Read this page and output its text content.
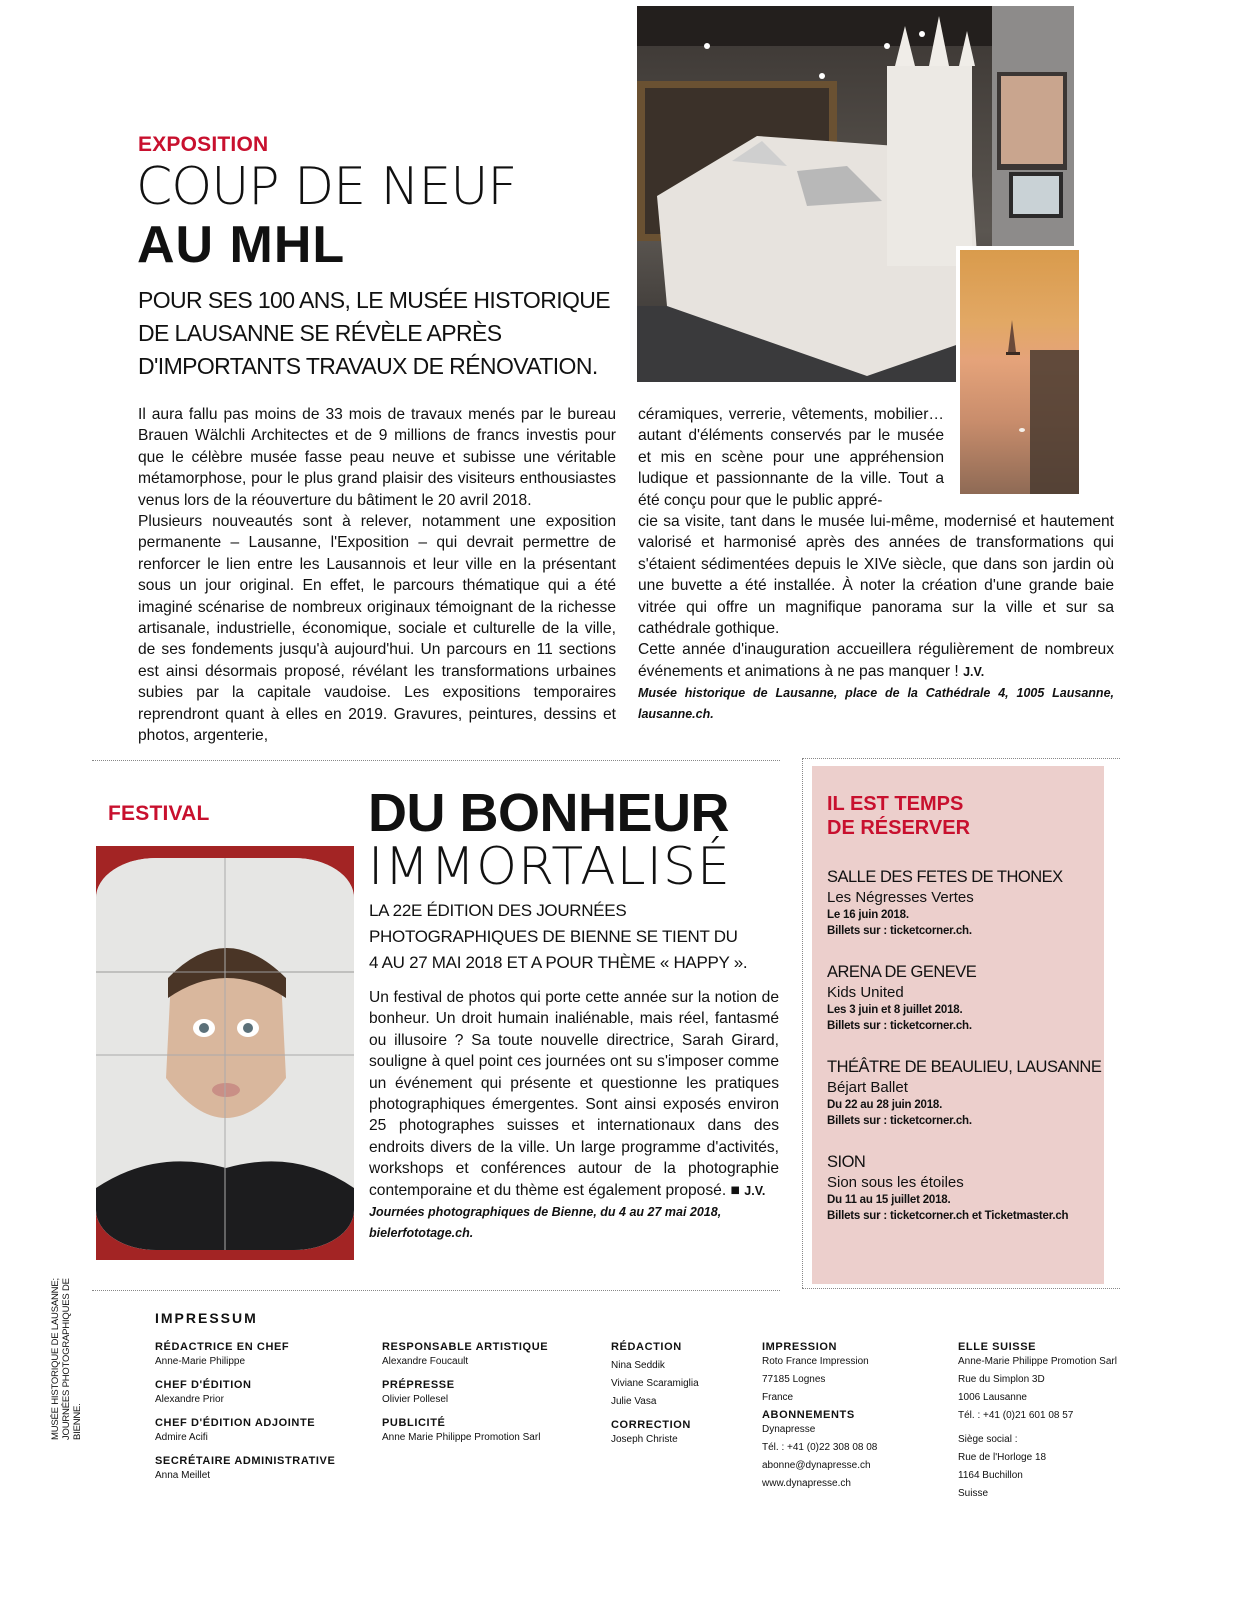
EXPOSITION
COUP DE NEUF
AU MHL
POUR SES 100 ANS, LE MUSÉE HISTORIQUE DE LAUSANNE SE RÉVÈLE APRÈS D'IMPORTANTS TRAVAUX DE RÉNOVATION.

Il aura fallu pas moins de 33 mois de travaux menés par le bureau Brauen Wälchli Architectes et de 9 millions de francs investis pour que le célèbre musée fasse peau neuve et subisse une véritable métamorphose, pour le plus grand plaisir des visiteurs enthousiastes venus lors de la réouverture du bâtiment le 20 avril 2018.

Plusieurs nouveautés sont à relever, notamment une exposition permanente – Lausanne, l'Exposition – qui devrait permettre de renforcer le lien entre les Lausannois et leur ville en la présentant sous un jour original. En effet, le parcours thématique qui a été imaginé scénarise de nombreux originaux témoignant de la richesse artisanale, industrielle, économique, sociale et culturelle de la ville, de ses fondements jusqu'à aujourd'hui. Un parcours en 11 sections est ainsi désormais proposé, révélant les transformations urbaines subies par la capitale vaudoise. Les expositions temporaires reprendront quant à elles en 2019. Gravures, peintures, dessins et photos, argenterie,

céramiques, verrerie, vêtements, mobilier… autant d'éléments conservés par le musée et mis en scène pour une appréhension ludique et passionnante de la ville. Tout a été conçu pour que le public appré-

cie sa visite, tant dans le musée lui-même, modernisé et hautement valorisé et harmonisé après des années de transformations qui s'étaient sédimentées depuis le XIVe siècle, que dans son jardin où une buvette a été installée. À noter la création d'une grande baie vitrée qui offre un magnifique panorama sur la ville et sur sa cathédrale gothique.

Cette année d'inauguration accueillera régulièrement de nombreux événements et animations à ne pas manquer ! J.V.

Musée historique de Lausanne, place de la Cathédrale 4, 1005 Lausanne, lausanne.ch.

FESTIVAL	DU BONHEUR
IMMORTALISÉ
LA 22E ÉDITION DES JOURNÉES PHOTOGRAPHIQUES DE BIENNE SE TIENT DU 4 AU 27 MAI 2018 ET A POUR THÈME « HAPPY ».

Un festival de photos qui porte cette année sur la notion de bonheur. Un droit humain inaliénable, mais réel, fantasmé ou illusoire ? Sa toute nouvelle directrice, Sarah Girard, souligne à quel point ces journées ont su s'imposer comme un événement qui présente et questionne les pratiques photographiques émergentes. Sont ainsi exposés environ 25 photographes suisses et internationaux dans des endroits divers de la ville. Un large programme d'activités, workshops et conférences autour de la photographie contemporaine et du thème est également proposé. ■ J.V.

Journées photographiques de Bienne, du 4 au 27 mai 2018, bielerfototage.ch.

IL EST TEMPS
DE RÉSERVER
SALLE DES FETES DE THONEX
Les Négresses Vertes
Le 16 juin 2018.
Billets sur : ticketcorner.ch.
ARENA DE GENEVE
Kids United
Les 3 juin et 8 juillet 2018.
Billets sur : ticketcorner.ch.
THÉÂTRE DE BEAULIEU, LAUSANNE
Béjart Ballet
Du 22 au 28 juin 2018.
Billets sur : ticketcorner.ch.
SION
Sion sous les étoiles
Du 11 au 15 juillet 2018.
Billets sur : ticketcorner.ch et Ticketmaster.ch
MUSÉE HISTORIQUE DE LAUSANNE; JOURNÉES PHOTOGRAPHIQUES DE BIENNE.
IMPRESSUM
RÉDACTRICE EN CHEF
Anne-Marie Philippe
CHEF D'ÉDITION
Alexandre Prior
CHEF D'ÉDITION ADJOINTE
Admire Acifi
SECRÉTAIRE ADMINISTRATIVE
Anna Meillet
RESPONSABLE ARTISTIQUE
Alexandre Foucault
PRÉPRESSE
Olivier Pollesel
PUBLICITÉ
Anne Marie Philippe Promotion Sarl
RÉDACTION
Nina Seddik
Viviane Scaramiglia
Julie Vasa
CORRECTION
Joseph Christe
IMPRESSION
Roto France Impression
77185 Lognes
France
ABONNEMENTS
Dynapresse
Tél. : +41 (0)22 308 08 08
abonne@dynapresse.ch
www.dynapresse.ch
ELLE SUISSE
Anne-Marie Philippe Promotion Sarl
Rue du Simplon 3D
1006 Lausanne
Tél. : +41 (0)21 601 08 57
Siège social :
Rue de l'Horloge 18
1164 Buchillon
Suisse
